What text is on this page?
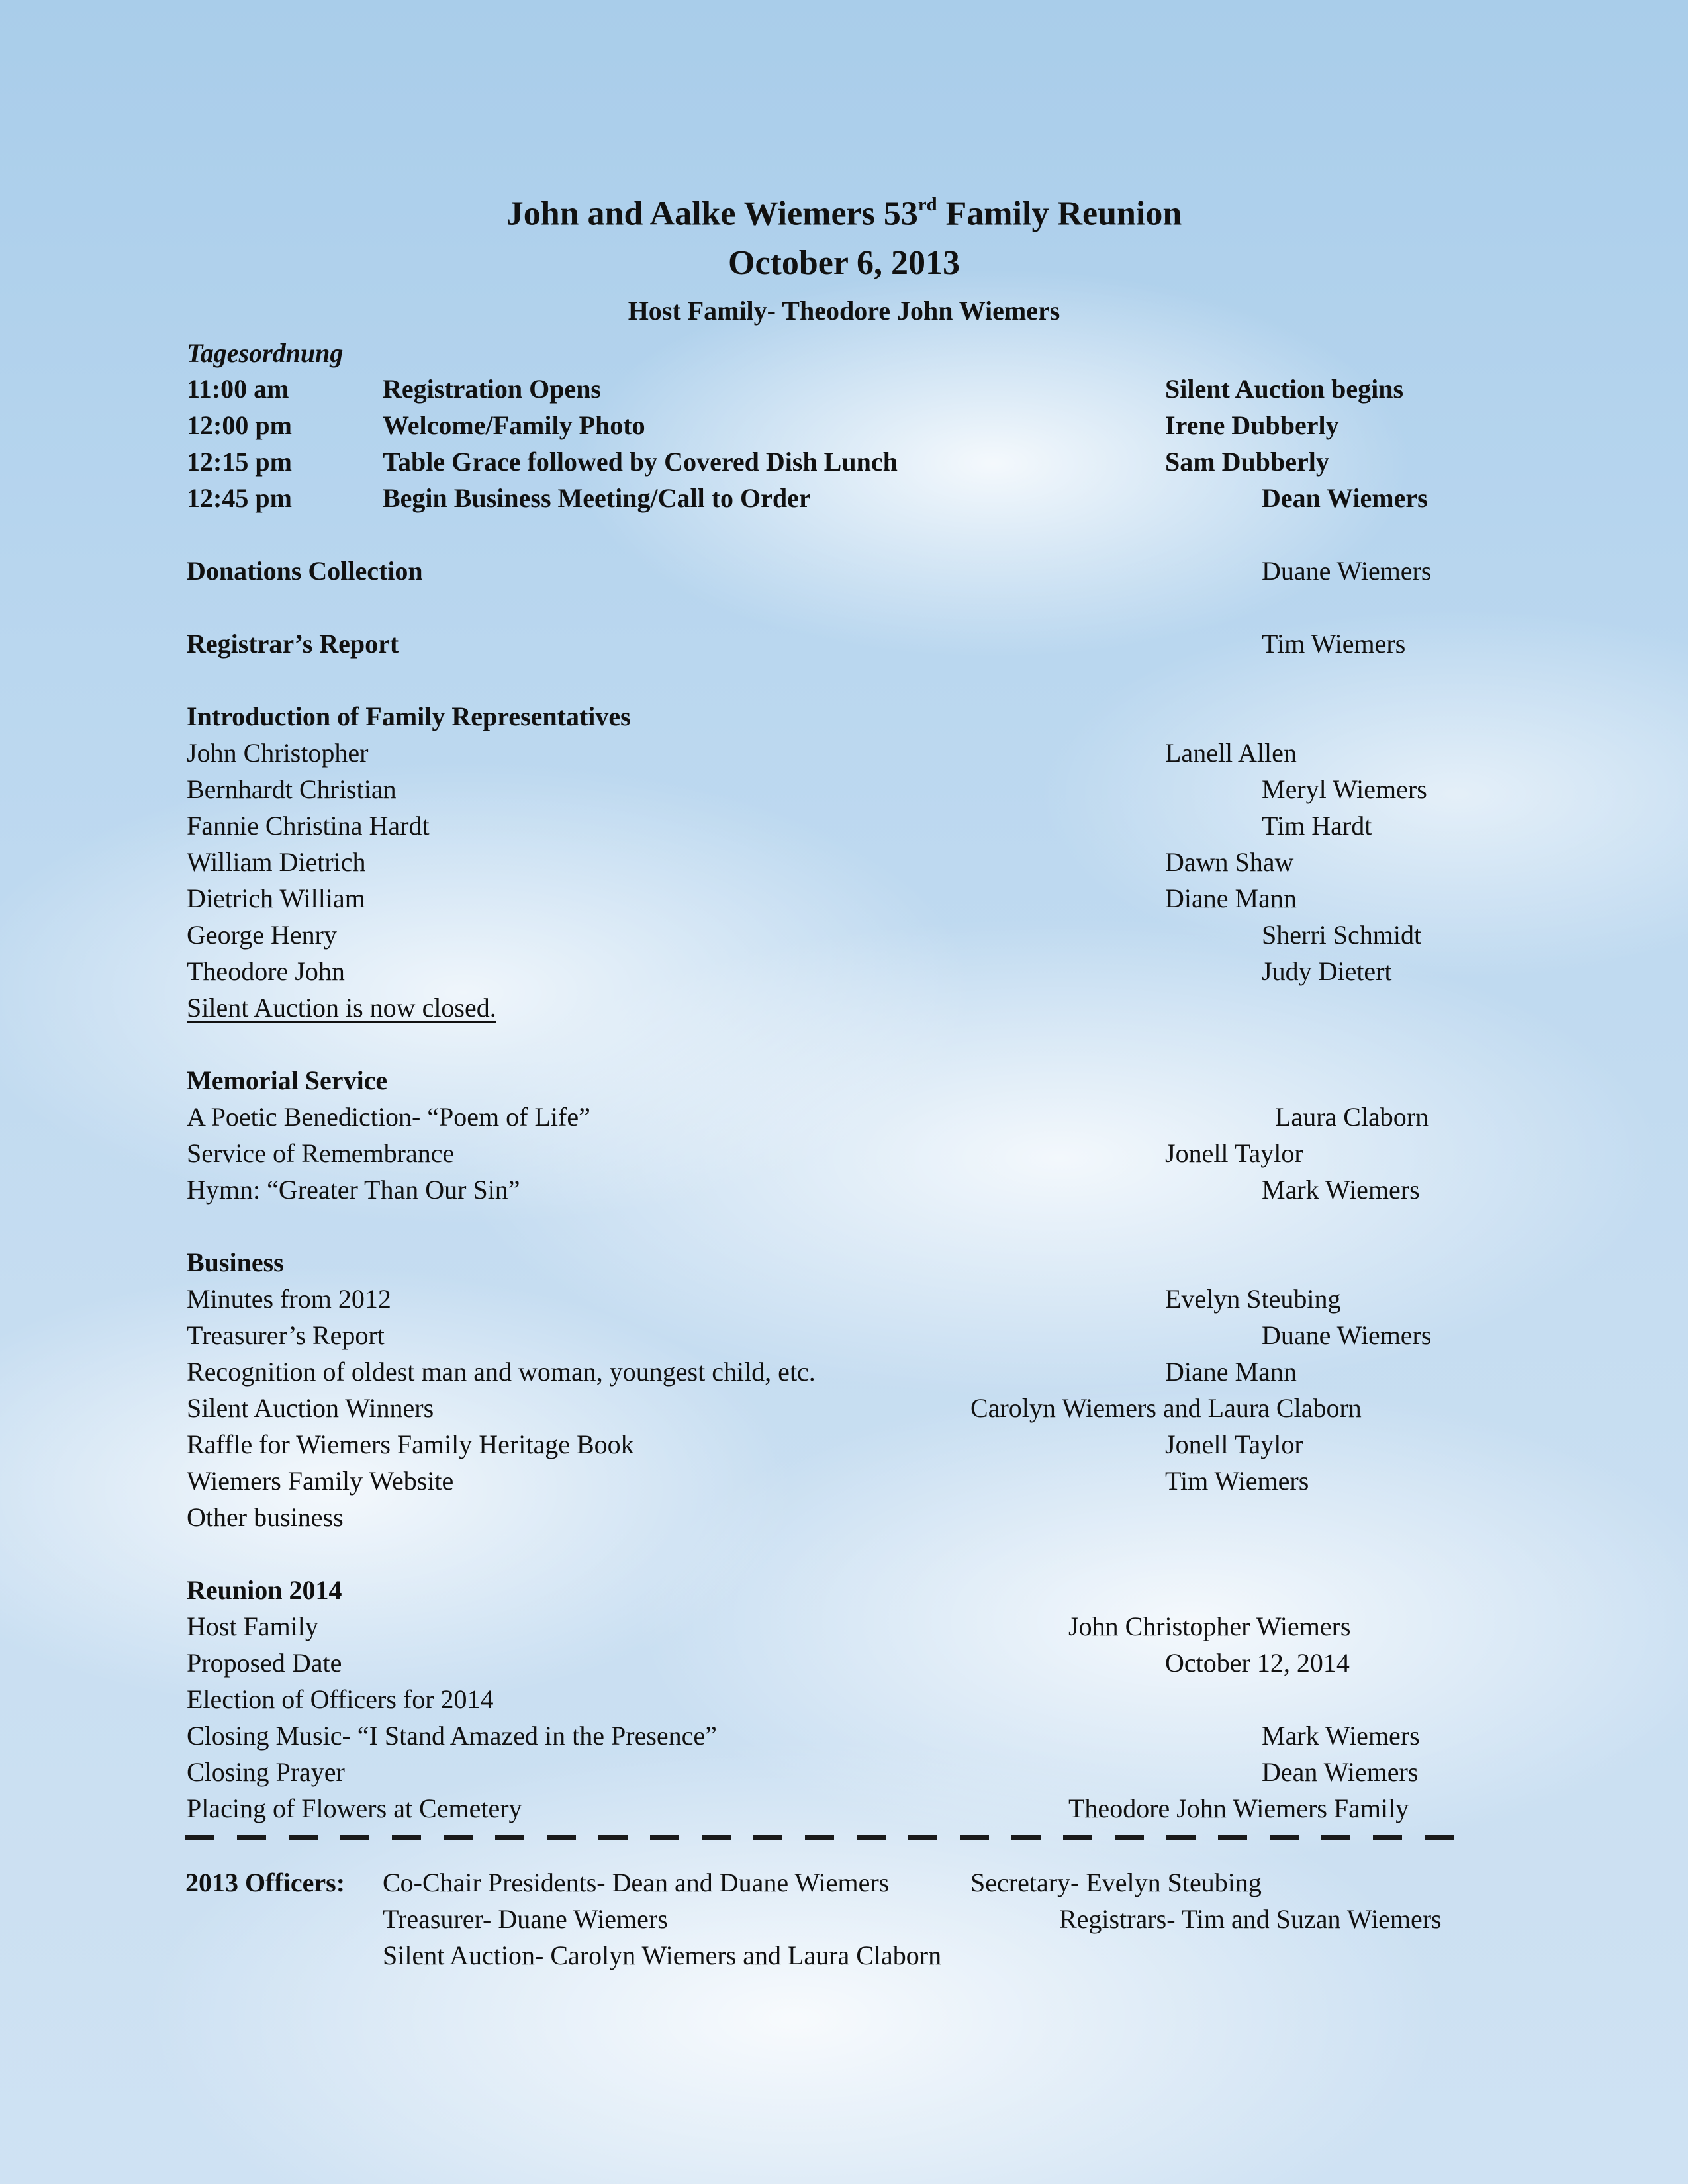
John and Aalke Wiemers 53rd Family Reunion
October 6, 2013
Host Family- Theodore John Wiemers
Tagesordnung
11:00 am	Registration Opens	Silent Auction begins
12:00 pm	Welcome/Family Photo	Irene Dubberly
12:15 pm	Table Grace followed by Covered Dish Lunch	Sam Dubberly
12:45 pm	Begin Business Meeting/Call to Order	Dean Wiemers
Donations Collection	Duane Wiemers
Registrar’s Report	Tim Wiemers
Introduction of Family Representatives
John Christopher	Lanell Allen
Bernhardt Christian	Meryl Wiemers
Fannie Christina Hardt	Tim Hardt
William Dietrich	Dawn Shaw
Dietrich William	Diane Mann
George Henry	Sherri Schmidt
Theodore John	Judy Dietert
Silent Auction is now closed.
Memorial Service
A Poetic Benediction- “Poem of Life”	Laura Claborn
Service of Remembrance	Jonell Taylor
Hymn: “Greater Than Our Sin”	Mark Wiemers
Business
Minutes from 2012	Evelyn Steubing
Treasurer’s Report	Duane Wiemers
Recognition of oldest man and woman, youngest child, etc.	Diane Mann
Silent Auction Winners	Carolyn Wiemers and Laura Claborn
Raffle for Wiemers Family Heritage Book	Jonell Taylor
Wiemers Family Website	Tim Wiemers
Other business
Reunion 2014
Host Family	John Christopher Wiemers
Proposed Date	October 12, 2014
Election of Officers for 2014
Closing Music- “I Stand Amazed in the Presence”	Mark Wiemers
Closing Prayer	Dean Wiemers
Placing of Flowers at Cemetery	Theodore John Wiemers Family
2013 Officers: Co-Chair Presidents- Dean and Duane Wiemers	Secretary- Evelyn Steubing
Treasurer- Duane Wiemers	Registrars- Tim and Suzan Wiemers
Silent Auction- Carolyn Wiemers and Laura Claborn
